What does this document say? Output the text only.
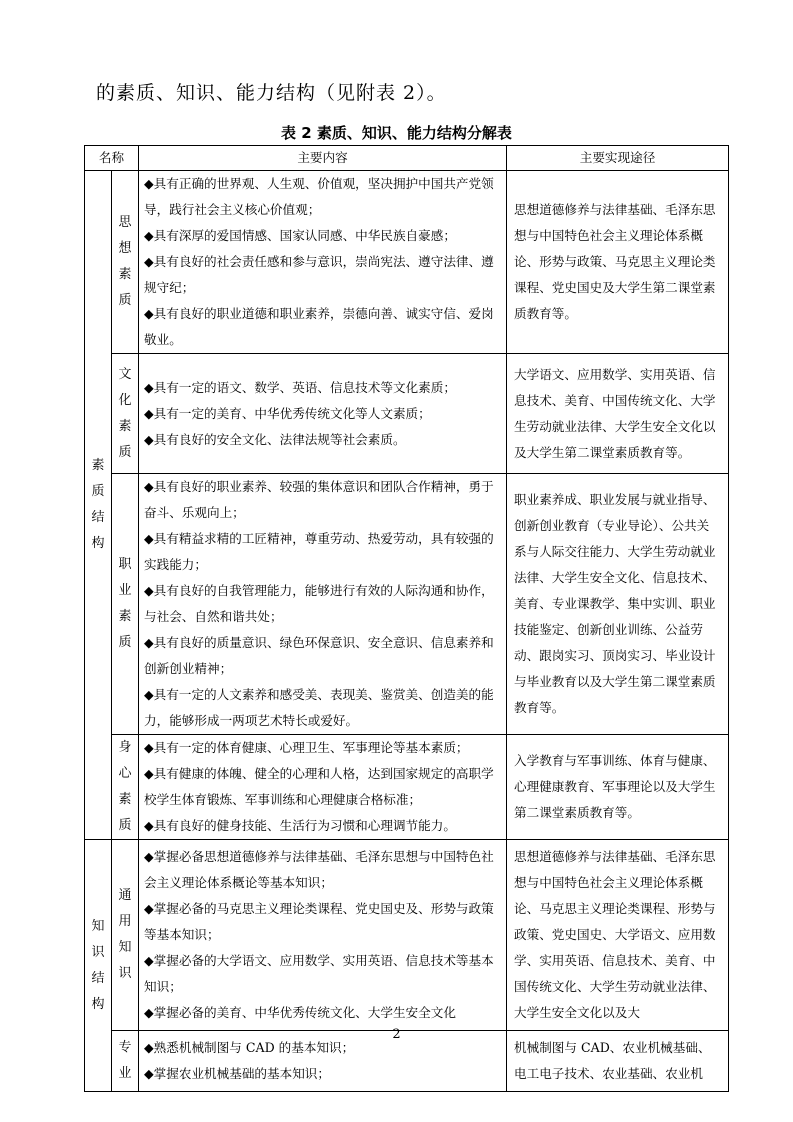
的素质、知识、能力结构（见附表 2）。
表 2 素质、知识、能力结构分解表
名称		主要内容	主要实现途径

素质结构	思想素质	◆具有正确的世界观、人生观、价值观，坚决拥护中国共产党领导，践行社会主义核心价值观；
◆具有深厚的爱国情感、国家认同感、中华民族自豪感；
◆具有良好的社会责任感和参与意识，崇尚宪法、遵守法律、遵规守纪；
◆具有良好的职业道德和职业素养，崇德向善、诚实守信、爱岗敬业。	思想道德修养与法律基础、毛泽东思想与中国特色社会主义理论体系概论、形势与政策、马克思主义理论类课程、党史国史及大学生第二课堂素质教育等。

	文化素质	◆具有一定的语文、数学、英语、信息技术等文化素质；
◆具有一定的美育、中华优秀传统文化等人文素质；
◆具有良好的安全文化、法律法规等社会素质。	大学语文、应用数学、实用英语、信息技术、美育、中国传统文化、大学生劳动就业法律、大学生安全文化以及大学生第二课堂素质教育等。

	职业素质	◆具有良好的职业素养、较强的集体意识和团队合作精神，勇于奋斗、乐观向上；
◆具有精益求精的工匠精神，尊重劳动、热爱劳动，具有较强的实践能力；
◆具有良好的自我管理能力，能够进行有效的人际沟通和协作，与社会、自然和谐共处；
◆具有良好的质量意识、绿色环保意识、安全意识、信息素养和创新创业精神；
◆具有一定的人文素养和感受美、表现美、鉴赏美、创造美的能力，能够形成一两项艺术特长或爱好。	职业素养成、职业发展与就业指导、创新创业教育（专业导论）、公共关系与人际交往能力、大学生劳动就业法律、大学生安全文化、信息技术、美育、专业课教学、集中实训、职业技能鉴定、创新创业训练、公益劳动、跟岗实习、顶岗实习、毕业设计与毕业教育以及大学生第二课堂素质教育等。

	身心素质	◆具有一定的体育健康、心理卫生、军事理论等基本素质；
◆具有健康的体魄、健全的心理和人格，达到国家规定的高职学校学生体育锻炼、军事训练和心理健康合格标准；
◆具有良好的健身技能、生活行为习惯和心理调节能力。	入学教育与军事训练、体育与健康、心理健康教育、军事理论以及大学生第二课堂素质教育等。

知识结构	通用知识	◆掌握必备思想道德修养与法律基础、毛泽东思想与中国特色社会主义理论体系概论等基本知识；
◆掌握必备的马克思主义理论类课程、党史国史及、形势与政策等基本知识；
◆掌握必备的大学语文、应用数学、实用英语、信息技术等基本知识；
◆掌握必备的美育、中华优秀传统文化、大学生安全文化	思想道德修养与法律基础、毛泽东思想与中国特色社会主义理论体系概论、马克思主义理论类课程、形势与政策、党史国史、大学语文、应用数学、实用英语、信息技术、美育、中国传统文化、大学生劳动就业法律、大学生安全文化以及大

	专业	◆熟悉机械制图与 CAD 的基本知识；
◆掌握农业机械基础的基本知识；	机械制图与 CAD、农业机械基础、电工电子技术、农业基础、农业机
2
